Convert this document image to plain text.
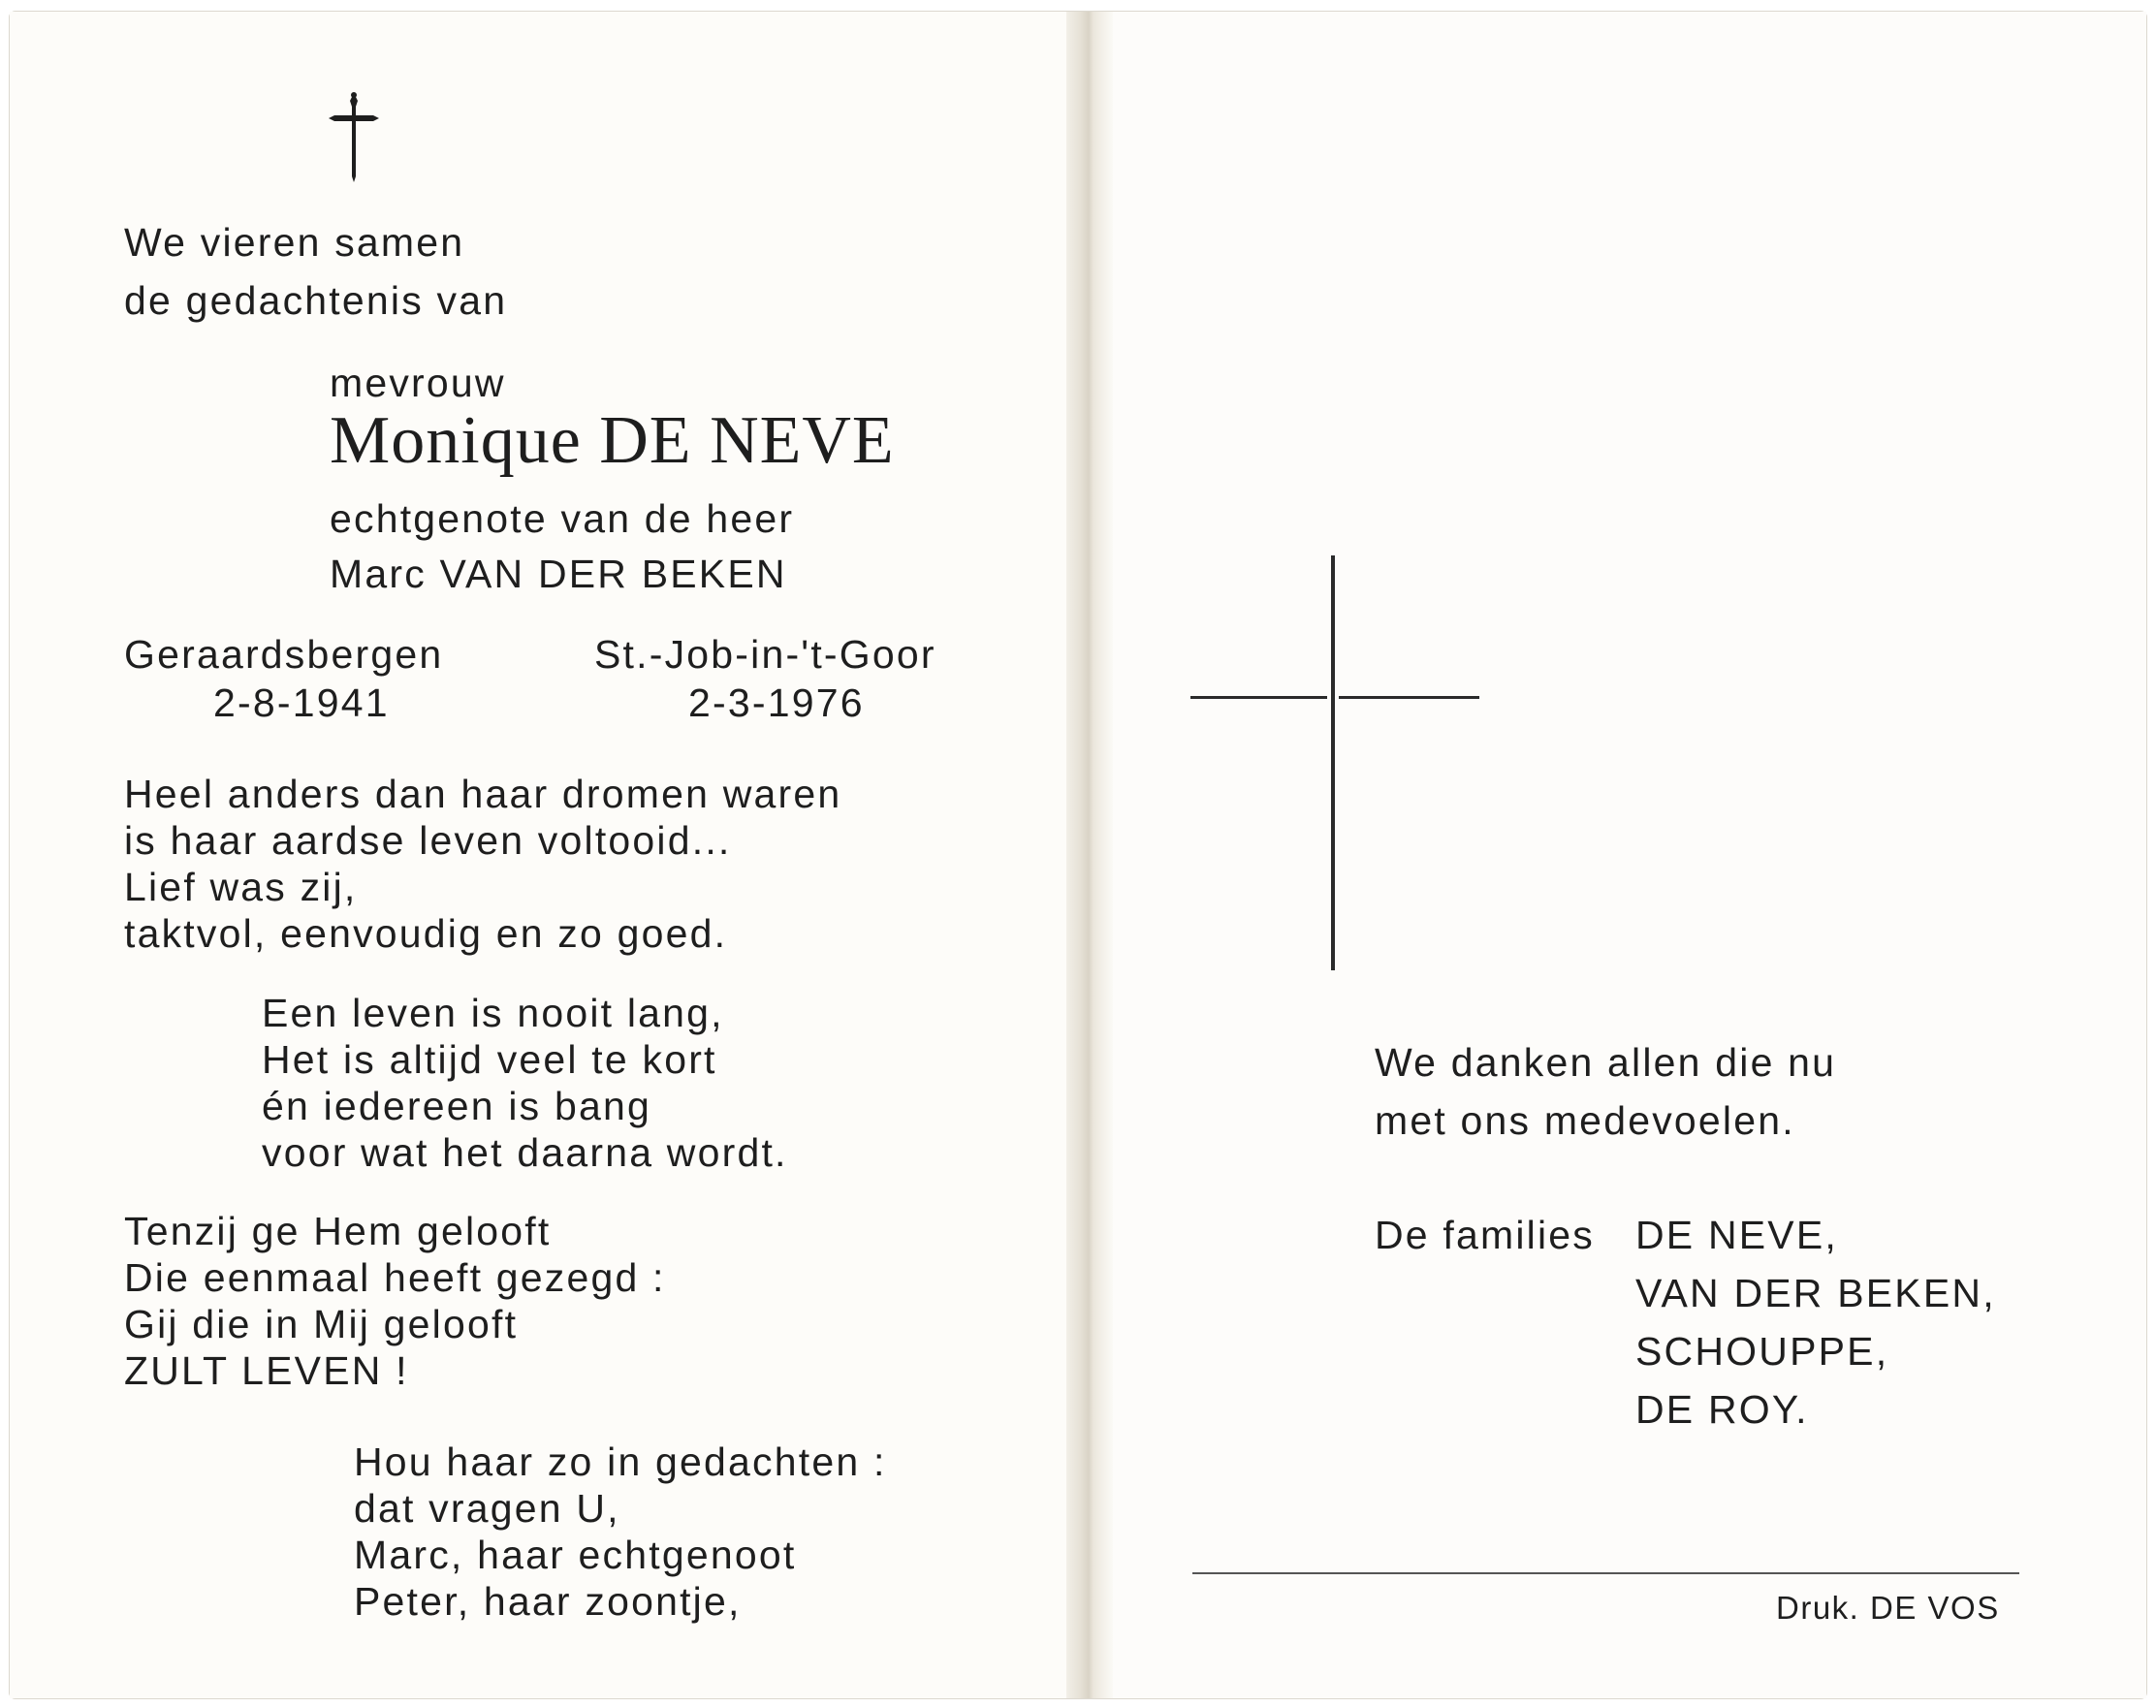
We vieren samen
de gedachtenis van
mevrouw
Monique DE NEVE
echtgenote van de heer
Marc VAN DER BEKEN
Geraardsbergen
2-8-1941
St.-Job-in-'t-Goor
2-3-1976
Heel anders dan haar dromen waren
is haar aardse leven voltooid...
Lief was zij,
taktvol, eenvoudig en zo goed.
Een leven is nooit lang,
Het is altijd veel te kort
én iedereen is bang
voor wat het daarna wordt.
Tenzij ge Hem gelooft
Die eenmaal heeft gezegd :
Gij die in Mij gelooft
ZULT LEVEN !
Hou haar zo in gedachten :
dat vragen U,
Marc, haar echtgenoot
Peter, haar zoontje,
We danken allen die nu
met ons medevoelen.
De families DE NEVE,
VAN DER BEKEN,
SCHOUPPE,
DE ROY.
Druk. DE VOS
